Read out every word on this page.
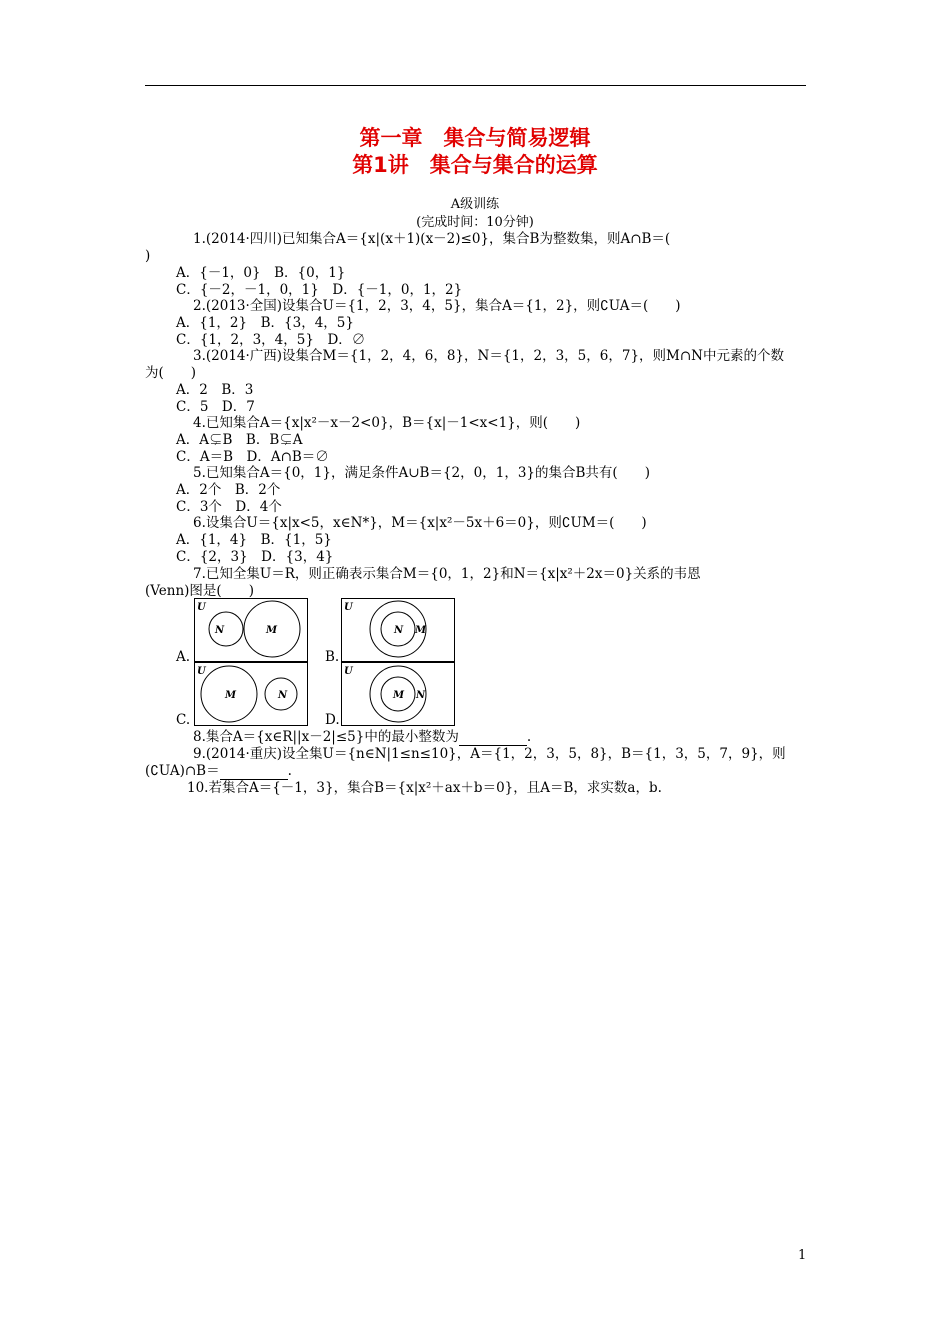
第一章　集合与简易逻辑
第1讲　集合与集合的运算
A级训练
(完成时间：10分钟)
1.(2014·四川)已知集合A＝{x|(x＋1)(x－2)≤0}，集合B为整数集，则A∩B＝(
)
A．{－1，0}　B．{0，1}
C．{－2，－1，0，1}　D．{－1，0，1，2}
2.(2013·全国)设集合U＝{1，2，3，4，5}，集合A＝{1，2}，则∁UA＝(　　)
A．{1，2}　B．{3，4，5}
C．{1，2，3，4，5}　D．∅
3.(2014·广西)设集合M＝{1，2，4，6，8}，N＝{1，2，3，5，6，7}，则M∩N中元素的个数
为(　　)
A．2　B．3
C．5　D．7
4.已知集合A＝{x|x²－x－2<0}，B＝{x|－1<x<1}，则(　　)
A．A⊊B　B．B⊊A
C．A＝B　D．A∩B＝∅
5.已知集合A＝{0，1}，满足条件A∪B＝{2，0，1，3}的集合B共有(　　)
A．2个　B．2个
C．3个　D．4个
6.设集合U＝{x|x<5，x∈N*}，M＝{x|x²－5x＋6＝0}，则∁UM＝(　　)
A．{1，4}　B．{1，5}
C．{2，3}　D．{3，4}
7.已知全集U＝R，则正确表示集合M＝{0，1，2}和N＝{x|x²＋2x＝0}关系的韦恩
(Venn)图是(　　)
A.	B.
C.	D.
U
N	M
U
N M
U
M	N
U
M N
8.集合A＝{x∈R||x－2|≤5}中的最小整数为	.
9.(2014·重庆)设全集U＝{n∈N|1≤n≤10}，A＝{1，2，3，5，8}，B＝{1，3，5，7，9}，则
(∁UA)∩B＝	.
10.若集合A＝{－1，3}，集合B＝{x|x²＋ax＋b＝0}，且A＝B，求实数a，b.
1
